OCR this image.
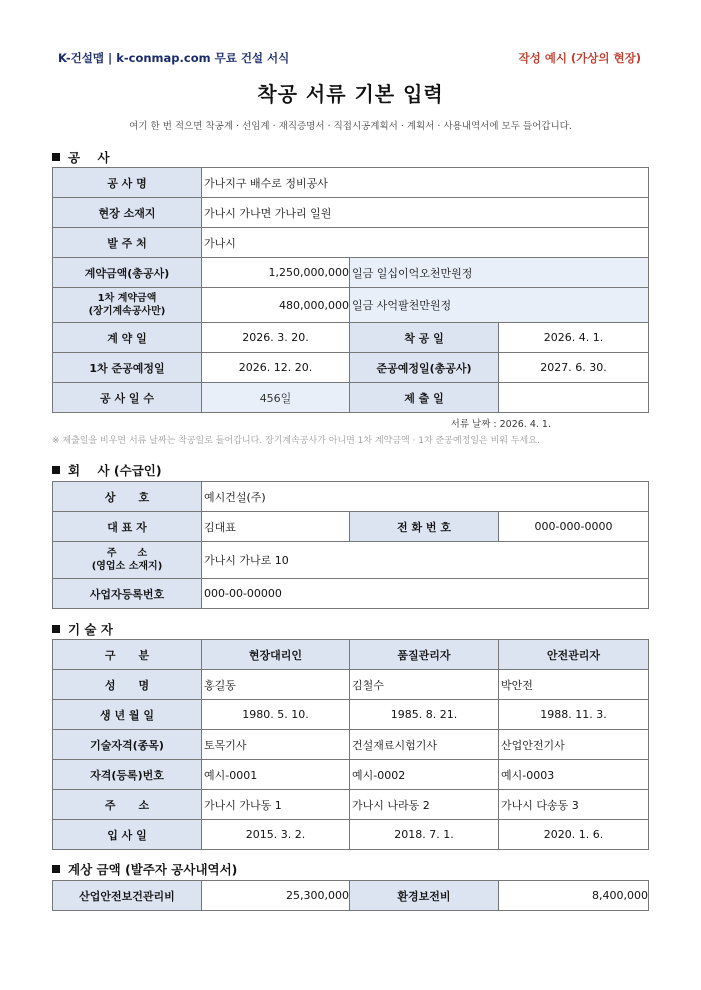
K-건설맵 | k-conmap.com 무료 건설 서식	작성 예시 (가상의 현장)
착공 서류 기본 입력
여기 한 번 적으면 착공계 · 선임계 · 재직증명서 · 직접시공계획서 · 계획서 · 사용내역서에 모두 들어갑니다.
공    사
공 사 명	가나지구 배수로 정비공사		
현장 소재지	가나시 가나면 가나리 일원		
발 주 처	가나시		
계약금액(총공사)	1,250,000,000	일금 일십이억오천만원정	
1차 계약금액
(장기계속공사만)	480,000,000	일금 사억팔천만원정	
계 약 일	2026. 3. 20.	착 공 일	2026. 4. 1.
1차 준공예정일	2026. 12. 20.	준공예정일(총공사)	2027. 6. 30.
공 사 일 수	456일	제 출 일	
서류 날짜 : 2026. 4. 1.
※ 제출일을 비우면 서류 날짜는 착공일로 들어갑니다. 장기계속공사가 아니면 1차 계약금액 · 1차 준공예정일은 비워 두세요.
회    사 (수급인)
상      호	예시건설(주)		
대 표 자	김대표	전 화 번 호	000-000-0000
주      소
(영업소 소재지)	가나시 가나로 10		
사업자등록번호	000-00-00000		
기 술 자
구      분	현장대리인	품질관리자	안전관리자
성      명	홍길동	김철수	박안전
생 년 월 일	1980. 5. 10.	1985. 8. 21.	1988. 11. 3.
기술자격(종목)	토목기사	건설재료시험기사	산업안전기사
자격(등록)번호	예시-0001	예시-0002	예시-0003
주      소	가나시 가나동 1	가나시 나라동 2	가나시 다송동 3
입 사 일	2015. 3. 2.	2018. 7. 1.	2020. 1. 6.
계상 금액 (발주자 공사내역서)
산업안전보건관리비	25,300,000	환경보전비	8,400,000
